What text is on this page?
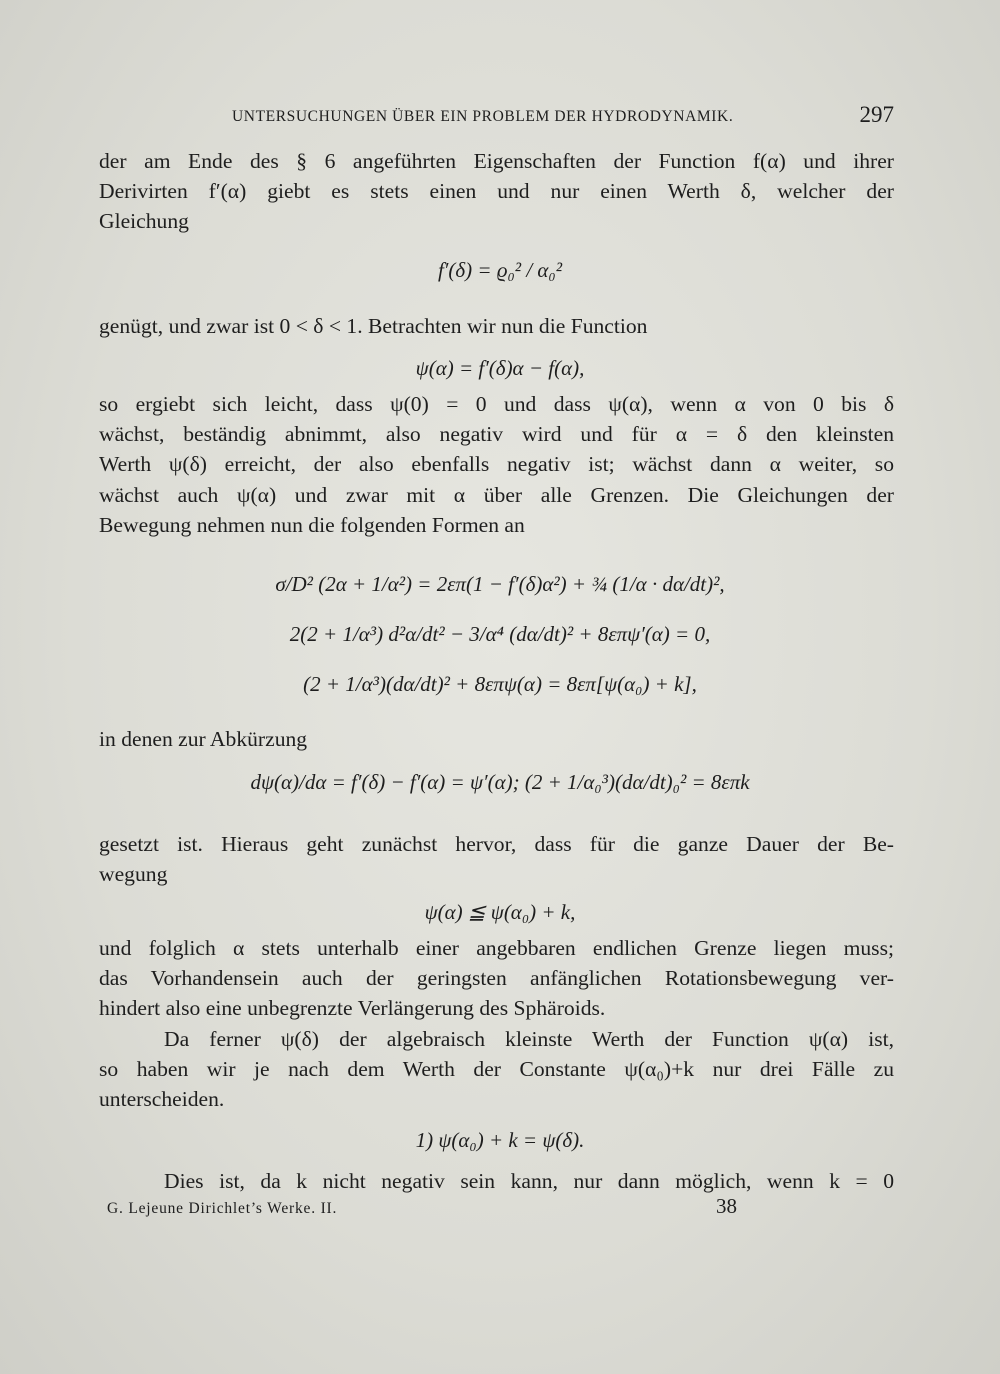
UNTERSUCHUNGEN ÜBER EIN PROBLEM DER HYDRODYNAMIK.	297
der am Ende des § 6 angeführten Eigenschaften der Function f(α) und ihrer
Derivirten f′(α) giebt es stets einen und nur einen Werth δ, welcher der
Gleichung
f′(δ) = ϱ₀² / α₀²
genügt, und zwar ist 0 < δ < 1. Betrachten wir nun die Function
ψ(α) = f′(δ)α − f(α),
so ergiebt sich leicht, dass ψ(0) = 0 und dass ψ(α), wenn α von 0 bis δ
wächst, beständig abnimmt, also negativ wird und für α = δ den kleinsten
Werth ψ(δ) erreicht, der also ebenfalls negativ ist; wächst dann α weiter, so
wächst auch ψ(α) und zwar mit α über alle Grenzen. Die Gleichungen der
Bewegung nehmen nun die folgenden Formen an
σ/D² (2α + 1/α²) = 2επ(1 − f′(δ)α²) + ¾ (1/α · dα/dt)²,
2(2 + 1/α³) d²α/dt² − 3/α⁴ (dα/dt)² + 8επψ′(α) = 0,
(2 + 1/α³)(dα/dt)² + 8επψ(α) = 8επ[ψ(α₀) + k],
in denen zur Abkürzung
dψ(α)/dα = f′(δ) − f′(α) = ψ′(α); (2 + 1/α₀³)(dα/dt)₀² = 8επk
gesetzt ist. Hieraus geht zunächst hervor, dass für die ganze Dauer der Be-
wegung
ψ(α) ≦ ψ(α₀) + k,
und folglich α stets unterhalb einer angebbaren endlichen Grenze liegen muss;
das Vorhandensein auch der geringsten anfänglichen Rotationsbewegung ver-
hindert also eine unbegrenzte Verlängerung des Sphäroids.
Da ferner ψ(δ) der algebraisch kleinste Werth der Function ψ(α) ist,
so haben wir je nach dem Werth der Constante ψ(α₀)+k nur drei Fälle zu
unterscheiden.
1) ψ(α₀) + k = ψ(δ).
Dies ist, da k nicht negativ sein kann, nur dann möglich, wenn k = 0
G. Lejeune Dirichlet’s Werke. II.	38
